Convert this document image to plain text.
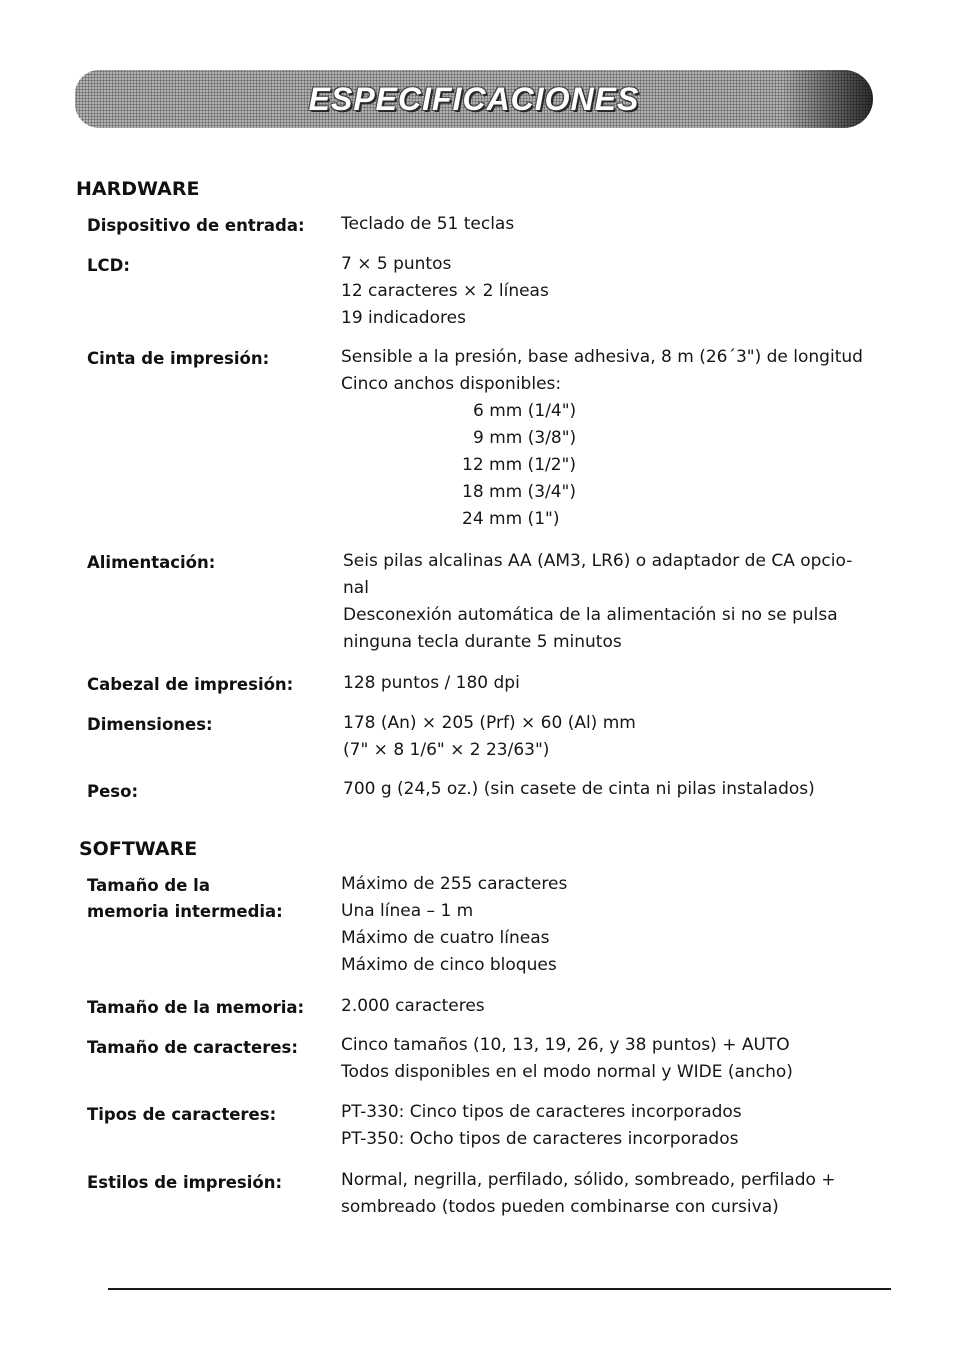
ESPECIFICACIONES
HARDWARE
Dispositivo de entrada: Teclado de 51 teclas
LCD:	7 × 5 puntos
12 caracteres × 2 líneas
19 indicadores
Cinta de impresión:	Sensible a la presión, base adhesiva, 8 m (26´3") de longitud
Cinco anchos disponibles:
6 mm (1/4")
9 mm (3/8")
12 mm (1/2")
18 mm (3/4")
24 mm (1")
Alimentación:	Seis pilas alcalinas AA (AM3, LR6) o adaptador de CA opcio-
nal
Desconexión automática de la alimentación si no se pulsa
ninguna tecla durante 5 minutos
Cabezal de impresión:	128 puntos / 180 dpi
Dimensiones:	178 (An) × 205 (Prf) × 60 (Al) mm
(7" × 8 1/6" × 2 23/63")
Peso:	700 g (24,5 oz.) (sin casete de cinta ni pilas instalados)
SOFTWARE
Tamaño de la
memoria intermedia:
Máximo de 255 caracteres
Una línea – 1 m
Máximo de cuatro líneas
Máximo de cinco bloques
Tamaño de la memoria: 2.000 caracteres
Tamaño de caracteres:	Cinco tamaños (10, 13, 19, 26, y 38 puntos) + AUTO
Todos disponibles en el modo normal y WIDE (ancho)
Tipos de caracteres:	PT-330: Cinco tipos de caracteres incorporados
PT-350: Ocho tipos de caracteres incorporados
Estilos de impresión:	Normal, negrilla, perfilado, sólido, sombreado, perfilado +
sombreado (todos pueden combinarse con cursiva)
